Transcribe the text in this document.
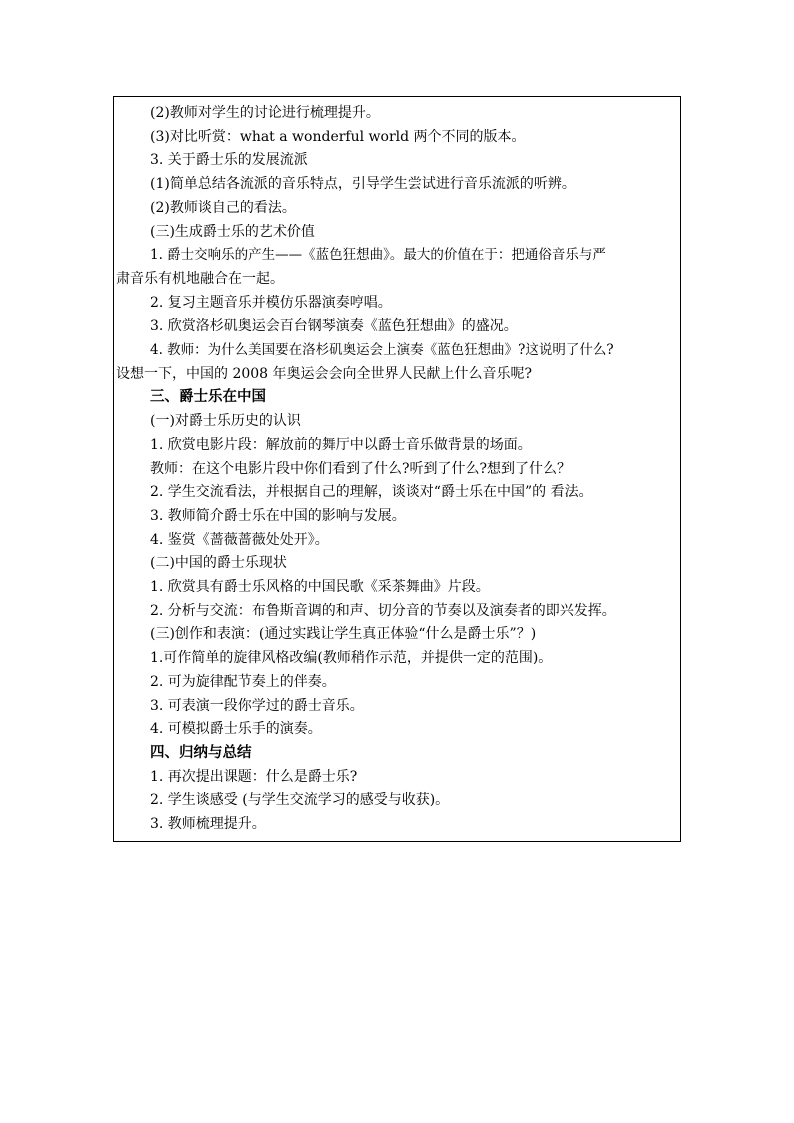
(2)教师对学生的讨论进行梳理提升。
(3)对比听赏：what a wonderful world 两个不同的版本。
3. 关于爵士乐的发展流派
(1)简单总结各流派的音乐特点，引导学生尝试进行音乐流派的听辨。
(2)教师谈自己的看法。
(三)生成爵士乐的艺术价值
1. 爵士交响乐的产生——《蓝色狂想曲》。最大的价值在于：把通俗音乐与严
肃音乐有机地融合在一起。
2. 复习主题音乐并模仿乐器演奏哼唱。
3. 欣赏洛杉矶奥运会百台钢琴演奏《蓝色狂想曲》的盛况。
4. 教师：为什么美国要在洛杉矶奥运会上演奏《蓝色狂想曲》?这说明了什么?
设想一下，中国的 2008 年奥运会会向全世界人民献上什么音乐呢?
三、爵士乐在中国
(一)对爵士乐历史的认识
1. 欣赏电影片段：解放前的舞厅中以爵士音乐做背景的场面。
教师：在这个电影片段中你们看到了什么?听到了什么?想到了什么？
2. 学生交流看法，并根据自己的理解，谈谈对“爵士乐在中国”的 看法。
3. 教师简介爵士乐在中国的影响与发展。
4. 鉴赏《蔷薇蔷薇处处开》。
(二)中国的爵士乐现状
1. 欣赏具有爵士乐风格的中国民歌《采茶舞曲》片段。
2. 分析与交流：布鲁斯音调的和声、切分音的节奏以及演奏者的即兴发挥。
(三)创作和表演：(通过实践让学生真正体验“什么是爵士乐”？)
1.可作简单的旋律风格改编(教师稍作示范，并提供一定的范围)。
2. 可为旋律配节奏上的伴奏。
3. 可表演一段你学过的爵士音乐。
4. 可模拟爵士乐手的演奏。
四、归纳与总结
1. 再次提出课题：什么是爵士乐?
2. 学生谈感受 (与学生交流学习的感受与收获)。
3. 教师梳理提升。
